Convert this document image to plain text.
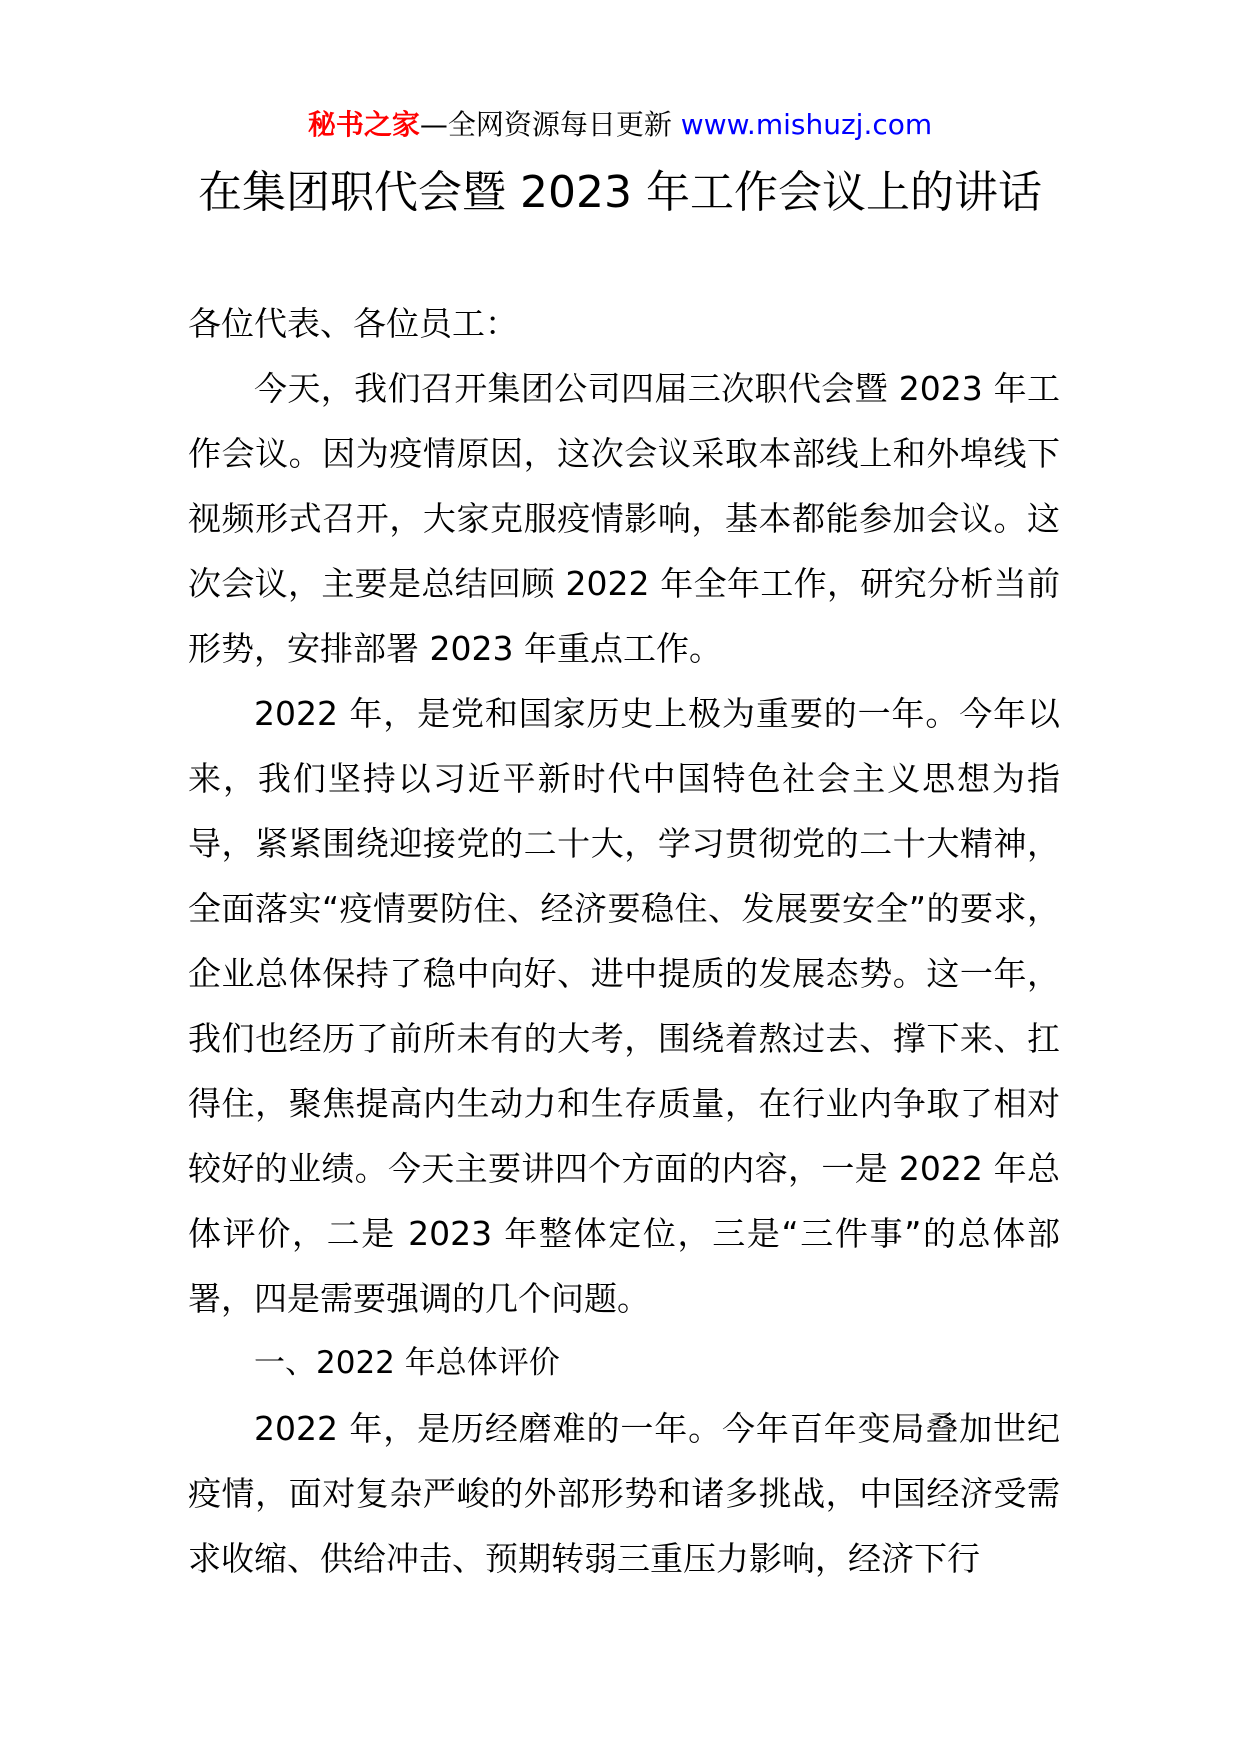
秘书之家—全网资源每日更新 www.mishuzj.com
在集团职代会暨 2023 年工作会议上的讲话

各位代表、各位员工：

今天，我们召开集团公司四届三次职代会暨 2023 年工作会议。因为疫情原因，这次会议采取本部线上和外埠线下视频形式召开，大家克服疫情影响，基本都能参加会议。这次会议，主要是总结回顾 2022 年全年工作，研究分析当前形势，安排部署 2023 年重点工作。

2022 年，是党和国家历史上极为重要的一年。今年以来，我们坚持以习近平新时代中国特色社会主义思想为指导，紧紧围绕迎接党的二十大，学习贯彻党的二十大精神，全面落实“疫情要防住、经济要稳住、发展要安全”的要求，企业总体保持了稳中向好、进中提质的发展态势。这一年，我们也经历了前所未有的大考，围绕着熬过去、撑下来、扛得住，聚焦提高内生动力和生存质量，在行业内争取了相对较好的业绩。今天主要讲四个方面的内容，一是 2022 年总体评价，二是 2023 年整体定位，三是“三件事”的总体部署，四是需要强调的几个问题。

一、2022 年总体评价

2022 年，是历经磨难的一年。今年百年变局叠加世纪疫情，面对复杂严峻的外部形势和诸多挑战，中国经济受需求收缩、供给冲击、预期转弱三重压力影响，经济下行
